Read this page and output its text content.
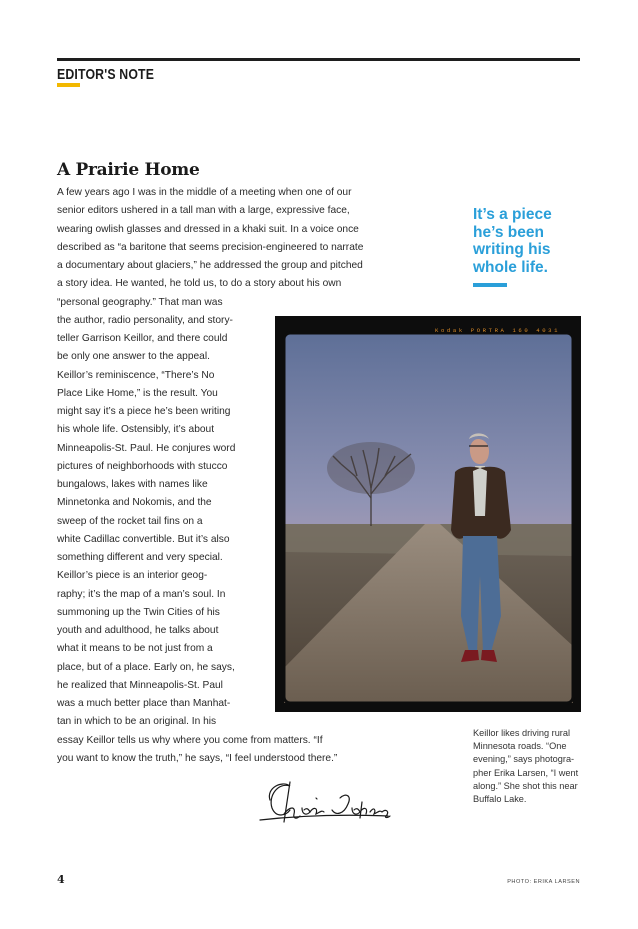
EDITOR'S NOTE
A Prairie Home
A few years ago I was in the middle of a meeting when one of our
senior editors ushered in a tall man with a large, expressive face,
wearing owlish glasses and dressed in a khaki suit. In a voice once
described as “a baritone that seems precision-engineered to narrate
a documentary about glaciers,” he addressed the group and pitched
a story idea. He wanted, he told us, to do a story about his own
“personal geography.” That man was
the author, radio personality, and story-
teller Garrison Keillor, and there could
be only one answer to the appeal.
Keillor’s reminiscence, “There’s No
Place Like Home,” is the result. You
might say it’s a piece he’s been writing
his whole life. Ostensibly, it’s about
Minneapolis-St. Paul. He conjures word
pictures of neighborhoods with stucco
bungalows, lakes with names like
Minnetonka and Nokomis, and the
sweep of the rocket tail fins on a
white Cadillac convertible. But it’s also
something different and very special.
Keillor’s piece is an interior geog-
raphy; it’s the map of a man’s soul. In
summoning up the Twin Cities of his
youth and adulthood, he talks about
what it means to be not just from a
place, but of a place. Early on, he says,
he realized that Minneapolis-St. Paul
was a much better place than Manhat-
tan in which to be an original. In his
essay Keillor tells us why where you come from matters. “If
you want to know the truth,” he says, “I feel understood there.”
It’s a piece he’s been writing his whole life.
Kodak PORTRA 160 4031
Keillor likes driving rural Minnesota roads. “One evening,” says photogra-pher Erika Larsen, “I went along.” She shot this near Buffalo Lake.
4	PHOTO: ERIKA LARSEN
